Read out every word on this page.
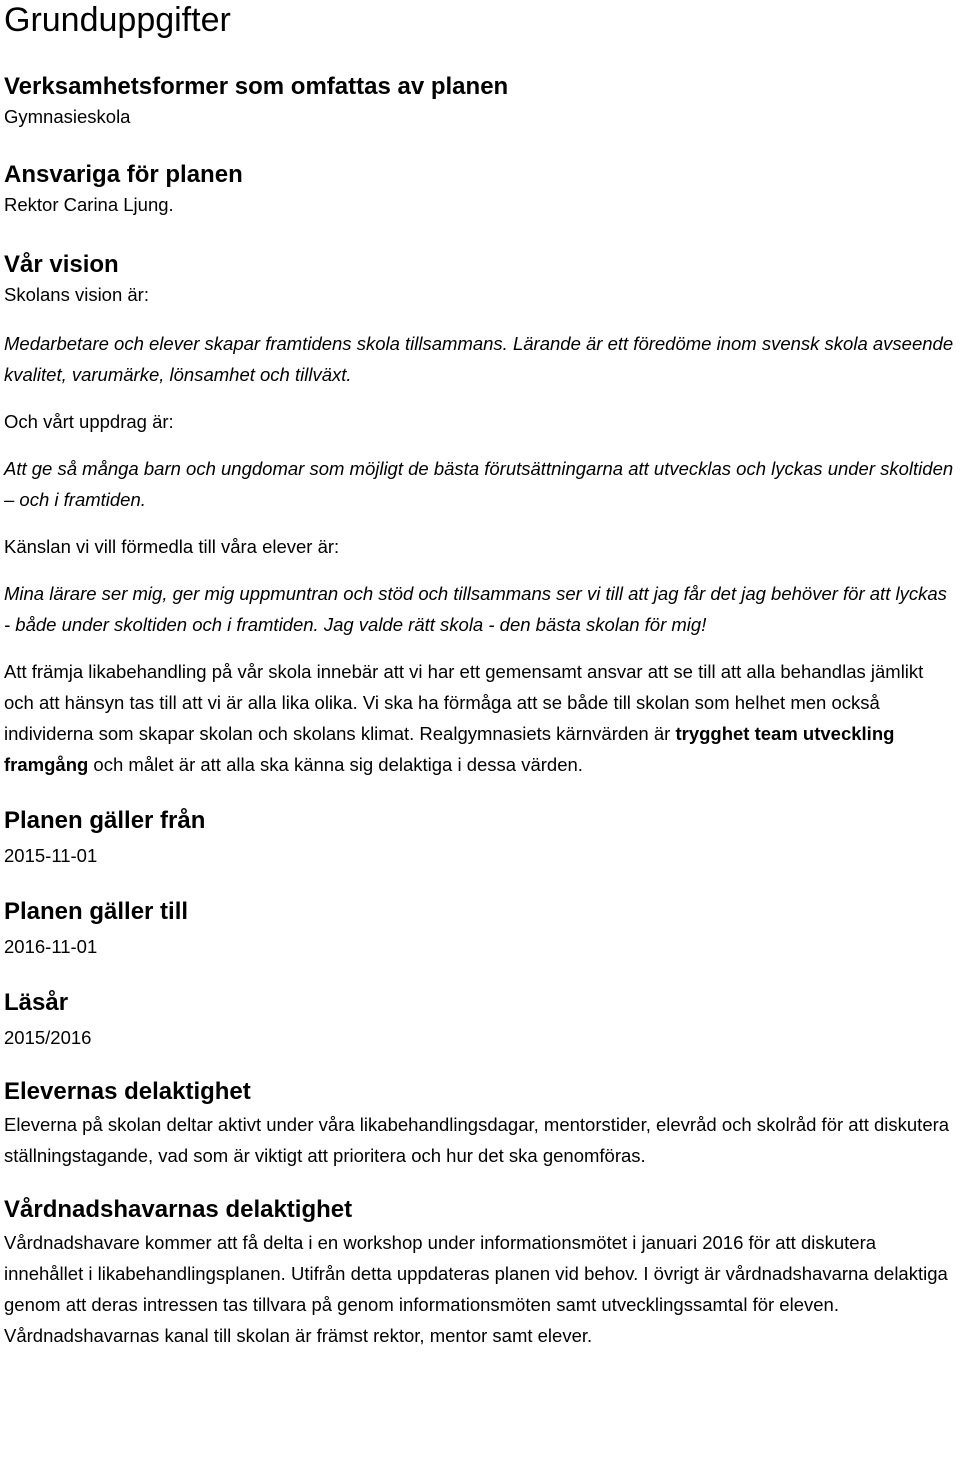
Grunduppgifter
Verksamhetsformer som omfattas av planen

Gymnasieskola

Ansvariga för planen

Rektor Carina Ljung.

Vår vision

Skolans vision är:

Medarbetare och elever skapar framtidens skola tillsammans. Lärande är ett föredöme inom svensk skola avseende kvalitet, varumärke, lönsamhet och tillväxt.

Och vårt uppdrag är:

Att ge så många barn och ungdomar som möjligt de bästa förutsättningarna att utvecklas och lyckas under skoltiden – och i framtiden.

Känslan vi vill förmedla till våra elever är:

Mina lärare ser mig, ger mig uppmuntran och stöd och tillsammans ser vi till att jag får det jag behöver för att lyckas - både under skoltiden och i framtiden. Jag valde rätt skola - den bästa skolan för mig!

Att främja likabehandling på vår skola innebär att vi har ett gemensamt ansvar att se till att alla behandlas jämlikt och att hänsyn tas till att vi är alla lika olika. Vi ska ha förmåga att se både till skolan som helhet men också individerna som skapar skolan och skolans klimat. Realgymnasiets kärnvärden är trygghet team utveckling framgång och målet är att alla ska känna sig delaktiga i dessa värden.

Planen gäller från

2015-11-01

Planen gäller till

2016-11-01

Läsår

2015/2016

Elevernas delaktighet

Eleverna på skolan deltar aktivt under våra likabehandlingsdagar, mentorstider, elevråd och skolråd för att diskutera ställningstagande, vad som är viktigt att prioritera och hur det ska genomföras.

Vårdnadshavarnas delaktighet

Vårdnadshavare kommer att få delta i en workshop under informationsmötet i januari 2016 för att diskutera innehållet i likabehandlingsplanen. Utifrån detta uppdateras planen vid behov. I övrigt är vårdnadshavarna delaktiga genom att deras intressen tas tillvara på genom informationsmöten samt utvecklingssamtal för eleven. Vårdnadshavarnas kanal till skolan är främst rektor, mentor samt elever.
